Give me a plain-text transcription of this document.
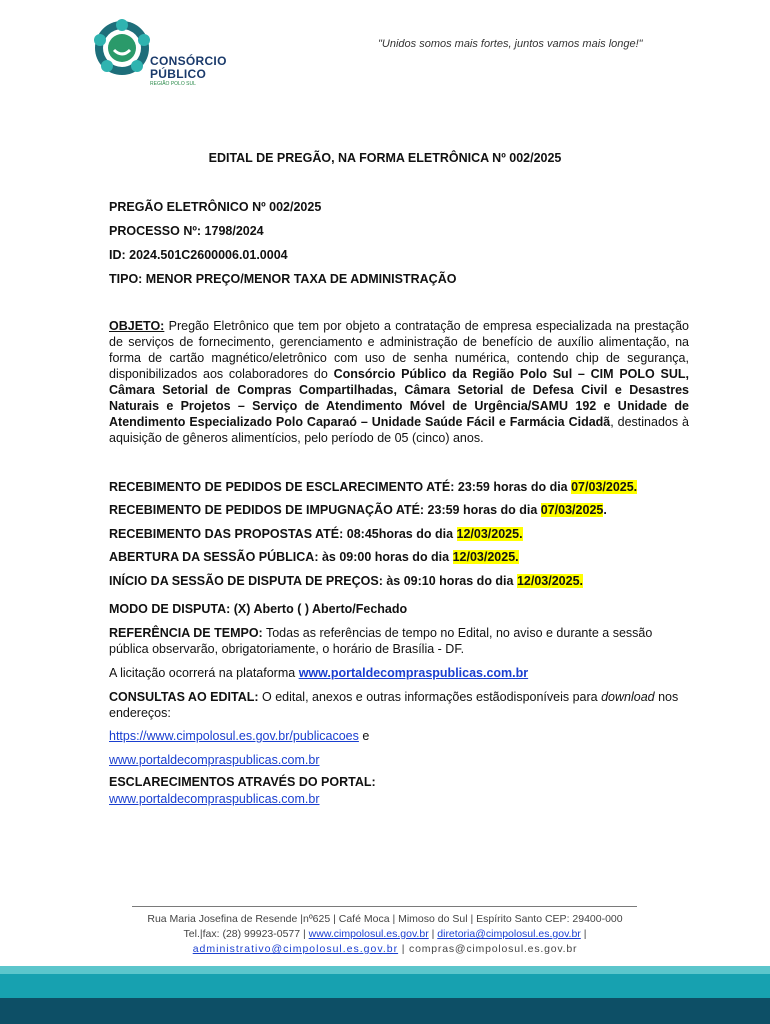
CONSÓRCIO
PÚBLICO
REGIÃO POLO SUL
"Unidos somos mais fortes, juntos vamos mais longe!"
EDITAL DE PREGÃO, NA FORMA ELETRÔNICA Nº 002/2025
PREGÃO ELETRÔNICO Nº 002/2025
PROCESSO Nº: 1798/2024
ID: 2024.501C2600006.01.0004
TIPO: MENOR PREÇO/MENOR TAXA DE ADMINISTRAÇÃO
OBJETO: Pregão Eletrônico que tem por objeto a contratação de empresa especializada na prestação de serviços de fornecimento, gerenciamento e administração de benefício de auxílio alimentação, na forma de cartão magnético/eletrônico com uso de senha numérica, contendo chip de segurança, disponibilizados aos colaboradores do Consórcio Público da Região Polo Sul – CIM POLO SUL, Câmara Setorial de Compras Compartilhadas, Câmara Setorial de Defesa Civil e Desastres Naturais e Projetos – Serviço de Atendimento Móvel de Urgência/SAMU 192 e Unidade de Atendimento Especializado Polo Caparaó – Unidade Saúde Fácil e Farmácia Cidadã, destinados à aquisição de gêneros alimentícios, pelo período de 05 (cinco) anos.
RECEBIMENTO DE PEDIDOS DE ESCLARECIMENTO ATÉ: 23:59 horas do dia 07/03/2025.
RECEBIMENTO DE PEDIDOS DE IMPUGNAÇÃO ATÉ: 23:59 horas do dia 07/03/2025.
RECEBIMENTO DAS PROPOSTAS ATÉ: 08:45horas do dia 12/03/2025.
ABERTURA DA SESSÃO PÚBLICA: às 09:00 horas do dia 12/03/2025.
INÍCIO DA SESSÃO DE DISPUTA DE PREÇOS: às 09:10 horas do dia 12/03/2025.
MODO DE DISPUTA: (X) Aberto ( ) Aberto/Fechado
REFERÊNCIA DE TEMPO: Todas as referências de tempo no Edital, no aviso e durante a sessão pública observarão, obrigatoriamente, o horário de Brasília - DF.
A licitação ocorrerá na plataforma www.portaldecompraspublicas.com.br
CONSULTAS AO EDITAL: O edital, anexos e outras informações estãodisponíveis para download nos endereços:
https://www.cimpolosul.es.gov.br/publicacoes e
www.portaldecompraspublicas.com.br
ESCLARECIMENTOS ATRAVÉS DO PORTAL:
www.portaldecompraspublicas.com.br
Rua Maria Josefina de Resende |nº625 | Café Moca | Mimoso do Sul | Espírito Santo CEP: 29400-000
Tel.|fax: (28) 99923-0577 | www.cimpolosul.es.gov.br | diretoria@cimpolosul.es.gov.br |
administrativo@cimpolosul.es.gov.br | compras@cimpolosul.es.gov.br
